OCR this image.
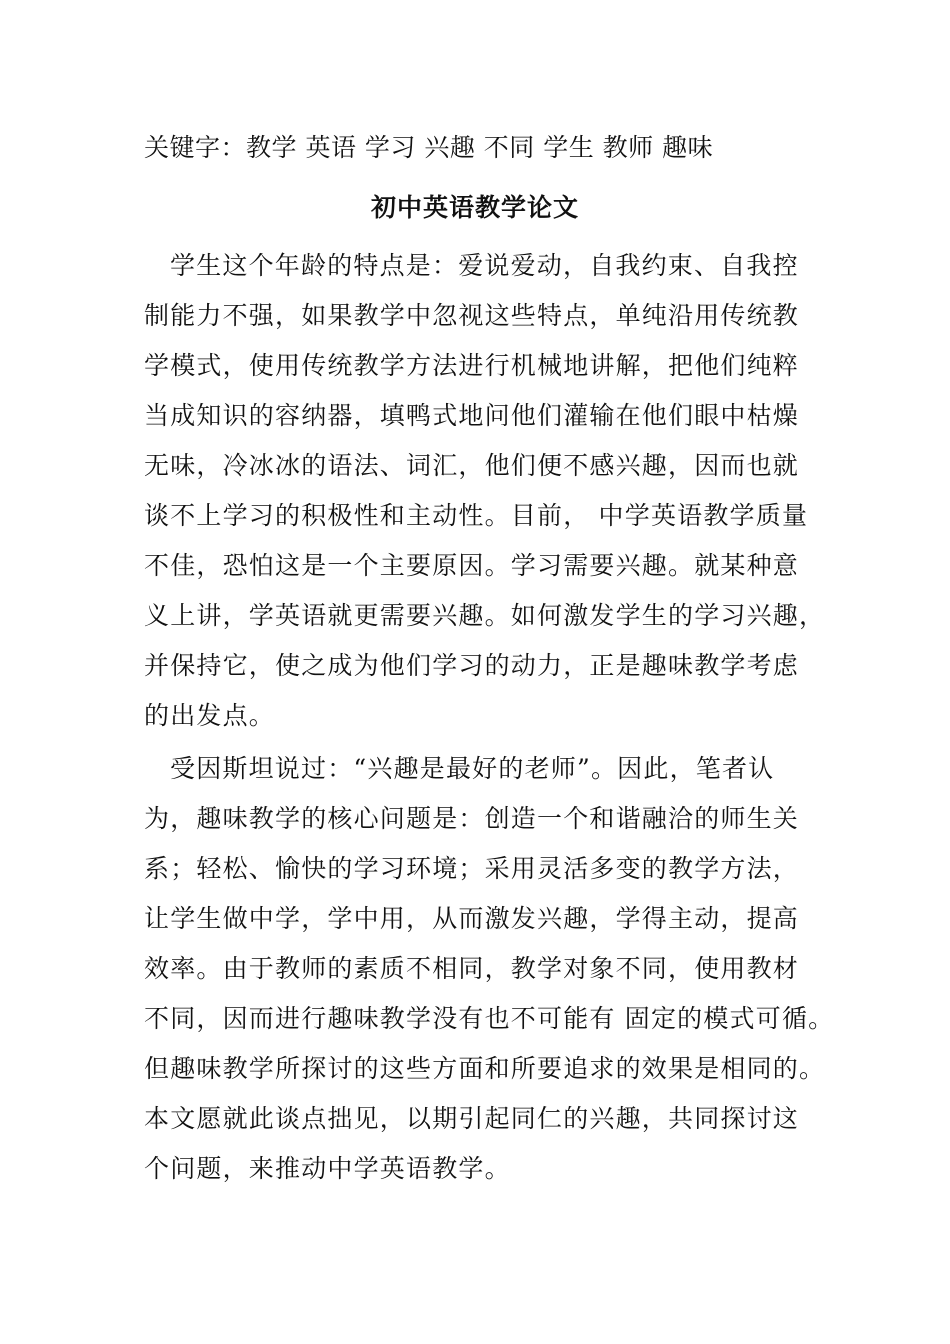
关键字：教学 英语 学习 兴趣 不同 学生 教师 趣味
初中英语教学论文
学生这个年龄的特点是：爱说爱动，自我约束、自我控
制能力不强，如果教学中忽视这些特点，单纯沿用传统教
学模式，使用传统教学方法进行机械地讲解，把他们纯粹
当成知识的容纳器，填鸭式地问他们灌输在他们眼中枯燥
无味，冷冰冰的语法、词汇，他们便不感兴趣，因而也就
谈不上学习的积极性和主动性。目前， 中学英语教学质量
不佳，恐怕这是一个主要原因。学习需要兴趣。就某种意
义上讲，学英语就更需要兴趣。如何激发学生的学习兴趣，
并保持它，使之成为他们学习的动力，正是趣味教学考虑
的出发点。
受因斯坦说过：“兴趣是最好的老师”。因此，笔者认
为，趣味教学的核心问题是：创造一个和谐融洽的师生关
系；轻松、愉快的学习环境；采用灵活多变的教学方法，
让学生做中学，学中用，从而激发兴趣，学得主动，提高
效率。由于教师的素质不相同，教学对象不同，使用教材
不同，因而进行趣味教学没有也不可能有 固定的模式可循。
但趣味教学所探讨的这些方面和所要追求的效果是相同的。
本文愿就此谈点拙见，以期引起同仁的兴趣，共同探讨这
个问题，来推动中学英语教学。
